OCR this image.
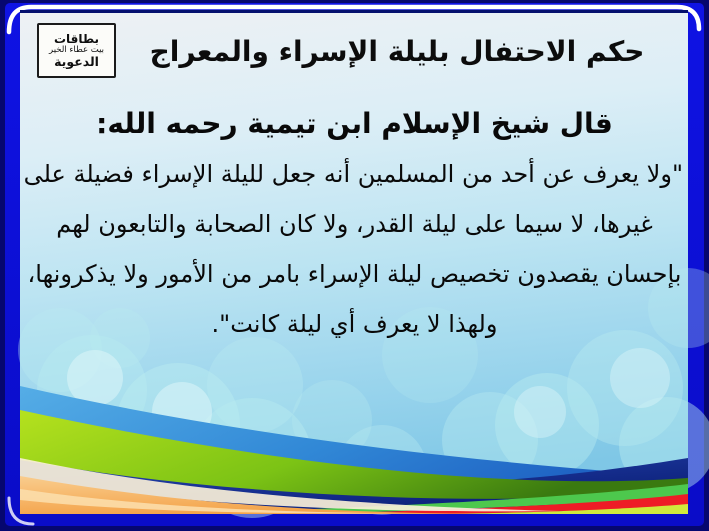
بطاقات
بيت عطاء الخير
الدعوية	حكم الاحتفال بليلة الإسراء والمعراج
قال شيخ الإسلام ابن تيمية رحمه الله:
"ولا يعرف عن أحد من المسلمين أنه جعل لليلة الإسراء فضيلة على
غيرها، لا سيما على ليلة القدر، ولا كان الصحابة والتابعون لهم
بإحسان يقصدون تخصيص ليلة الإسراء بامر من الأمور ولا يذكرونها،
ولهذا لا يعرف أي ليلة كانت".
